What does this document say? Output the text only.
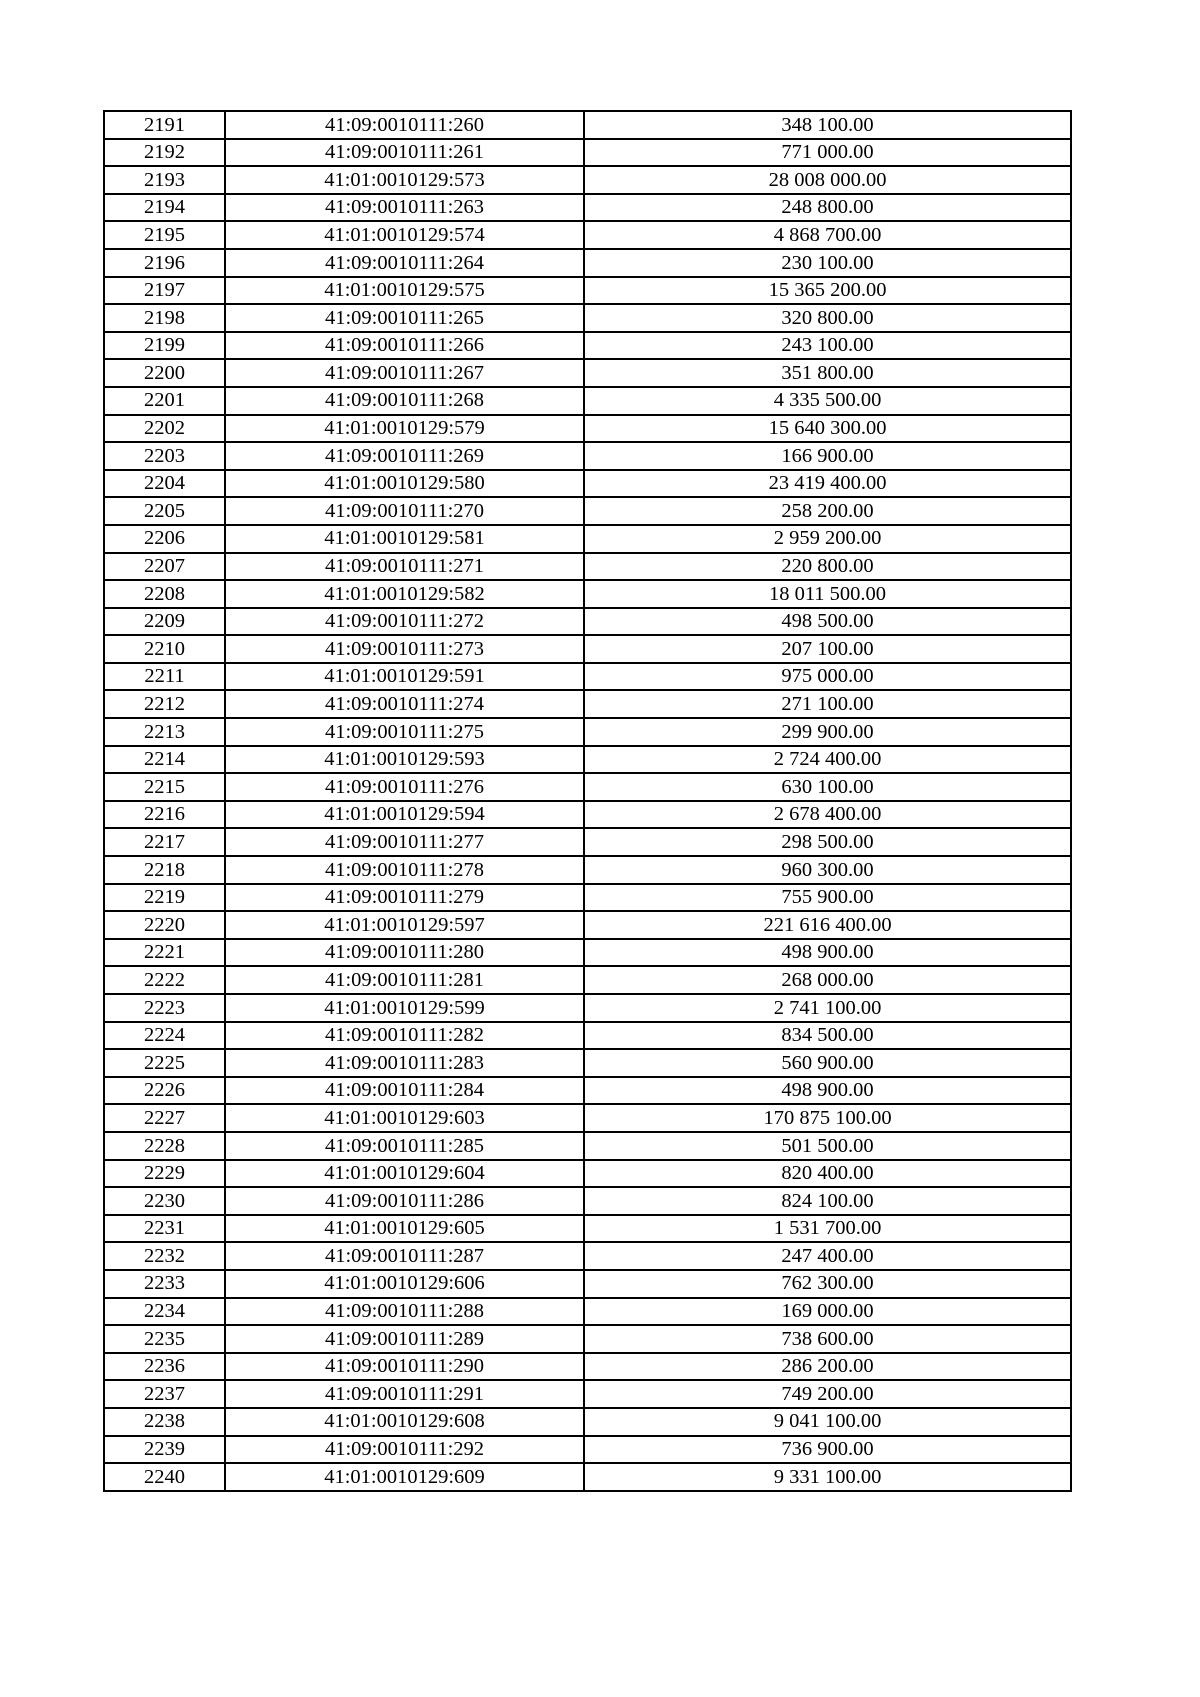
2191	41:09:0010111:260	348 100.00
2192	41:09:0010111:261	771 000.00
2193	41:01:0010129:573	28 008 000.00
2194	41:09:0010111:263	248 800.00
2195	41:01:0010129:574	4 868 700.00
2196	41:09:0010111:264	230 100.00
2197	41:01:0010129:575	15 365 200.00
2198	41:09:0010111:265	320 800.00
2199	41:09:0010111:266	243 100.00
2200	41:09:0010111:267	351 800.00
2201	41:09:0010111:268	4 335 500.00
2202	41:01:0010129:579	15 640 300.00
2203	41:09:0010111:269	166 900.00
2204	41:01:0010129:580	23 419 400.00
2205	41:09:0010111:270	258 200.00
2206	41:01:0010129:581	2 959 200.00
2207	41:09:0010111:271	220 800.00
2208	41:01:0010129:582	18 011 500.00
2209	41:09:0010111:272	498 500.00
2210	41:09:0010111:273	207 100.00
2211	41:01:0010129:591	975 000.00
2212	41:09:0010111:274	271 100.00
2213	41:09:0010111:275	299 900.00
2214	41:01:0010129:593	2 724 400.00
2215	41:09:0010111:276	630 100.00
2216	41:01:0010129:594	2 678 400.00
2217	41:09:0010111:277	298 500.00
2218	41:09:0010111:278	960 300.00
2219	41:09:0010111:279	755 900.00
2220	41:01:0010129:597	221 616 400.00
2221	41:09:0010111:280	498 900.00
2222	41:09:0010111:281	268 000.00
2223	41:01:0010129:599	2 741 100.00
2224	41:09:0010111:282	834 500.00
2225	41:09:0010111:283	560 900.00
2226	41:09:0010111:284	498 900.00
2227	41:01:0010129:603	170 875 100.00
2228	41:09:0010111:285	501 500.00
2229	41:01:0010129:604	820 400.00
2230	41:09:0010111:286	824 100.00
2231	41:01:0010129:605	1 531 700.00
2232	41:09:0010111:287	247 400.00
2233	41:01:0010129:606	762 300.00
2234	41:09:0010111:288	169 000.00
2235	41:09:0010111:289	738 600.00
2236	41:09:0010111:290	286 200.00
2237	41:09:0010111:291	749 200.00
2238	41:01:0010129:608	9 041 100.00
2239	41:09:0010111:292	736 900.00
2240	41:01:0010129:609	9 331 100.00
